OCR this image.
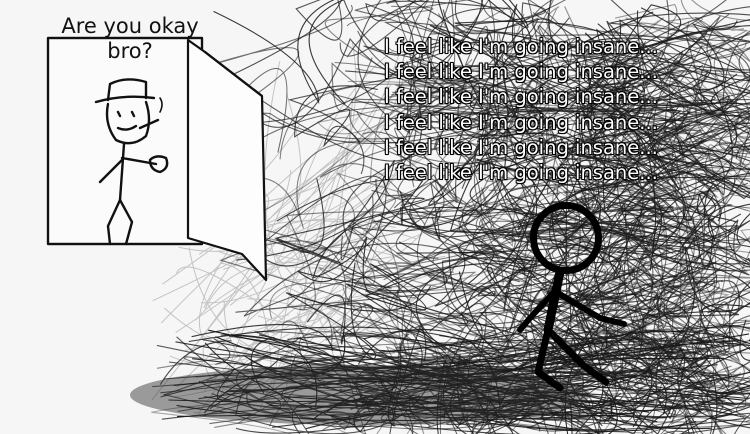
Are you okay
bro?	I feel like I'm going insane...
I feel like I'm going insane...
I feel like I'm going insane...
I feel like I'm going insane...
I feel like I'm going insane...
I feel like I'm going insane...
